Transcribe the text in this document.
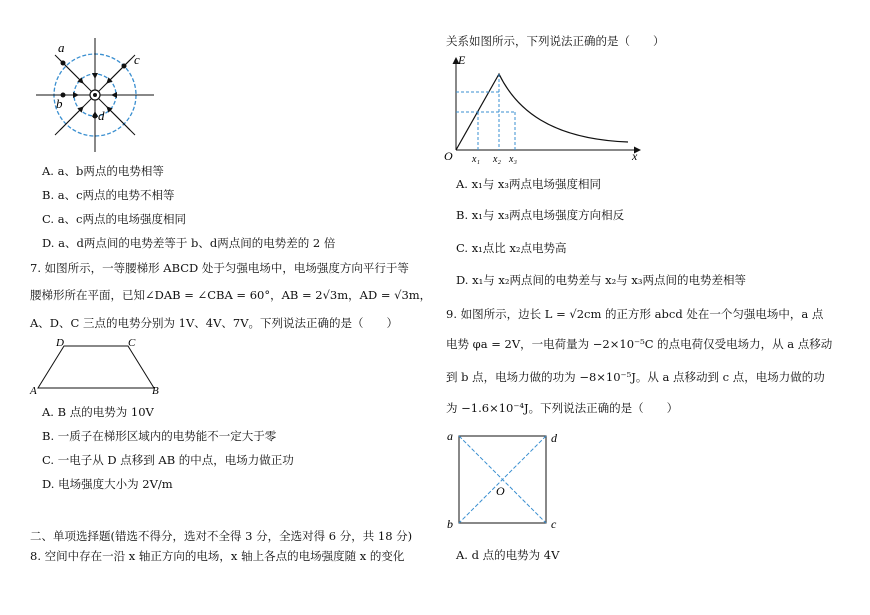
a
c
b
d
A. a、b两点的电势相等
B. a、c两点的电势不相等
C. a、c两点的电场强度相同
D. a、d两点间的电势差等于 b、d两点间的电势差的 2 倍
7. 如图所示，一等腰梯形 ABCD 处于匀强电场中，电场强度方向平行于等
腰梯形所在平面，已知∠DAB = ∠CBA = 60°，AB = 2√3m，AD = √3m，
A、D、C 三点的电势分别为 1V、4V、7V。下列说法正确的是（　　）
D	C
A	B
A. B 点的电势为 10V
B. 一质子在梯形区域内的电势能不一定大于零
C. 一电子从 D 点移到 AB 的中点，电场力做正功
D. 电场强度大小为 2V/m
二、单项选择题(错选不得分，选对不全得 3 分，全选对得 6 分，共 18 分)
8. 空间中存在一沿 x 轴正方向的电场，x 轴上各点的电场强度随 x 的变化
关系如图所示，下列说法正确的是（　　）
E
O	x
x₁ x₂ x₃
A. x₁与 x₃两点电场强度相同
B. x₁与 x₃两点电场强度方向相反
C. x₁点比 x₂点电势高
D. x₁与 x₂两点间的电势差与 x₂与 x₃两点间的电势差相等
9. 如图所示，边长 L = √2cm 的正方形 abcd 处在一个匀强电场中，a 点
电势 φa = 2V，一电荷量为 −2×10⁻⁵C 的点电荷仅受电场力，从 a 点移动
到 b 点，电场力做的功为 −8×10⁻⁵J。从 a 点移动到 c 点，电场力做的功
为 −1.6×10⁻⁴J。下列说法正确的是（　　）
a	d
b	c
O
A. d 点的电势为 4V
